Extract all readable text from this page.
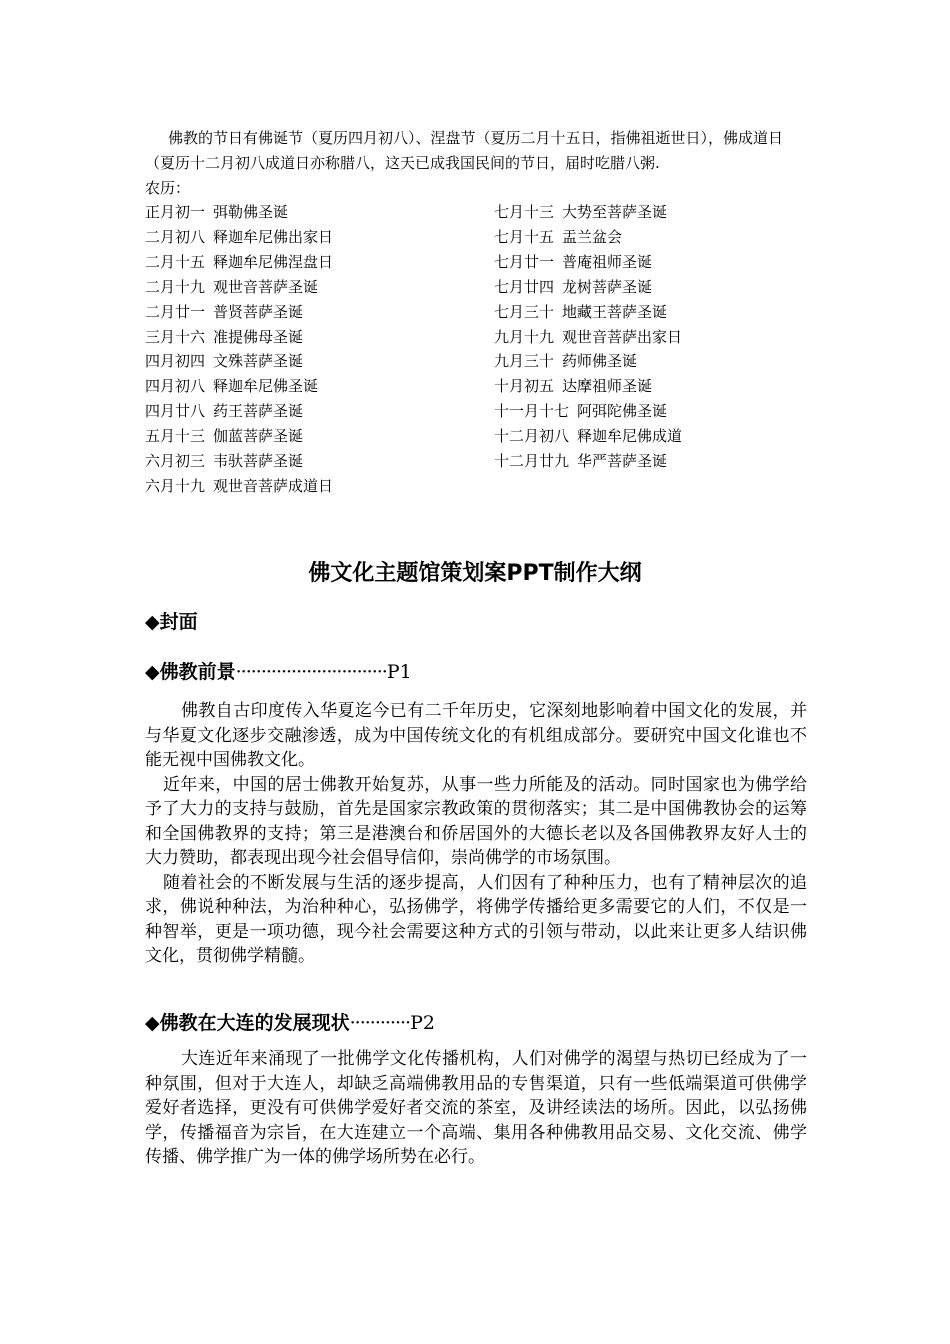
佛教的节日有佛诞节（夏历四月初八）、涅盘节（夏历二月十五日，指佛祖逝世日），佛成道日（夏历十二月初八成道日亦称腊八，这天已成我国民间的节日，届时吃腊八粥.

农历：

正月初一 弭勒佛圣诞
二月初八 释迦牟尼佛出家日
二月十五 释迦牟尼佛涅盘日
二月十九 观世音菩萨圣诞
二月廿一 普贤菩萨圣诞
三月十六 准提佛母圣诞
四月初四 文殊菩萨圣诞
四月初八 释迦牟尼佛圣诞
四月廿八 药王菩萨圣诞
五月十三 伽蓝菩萨圣诞
六月初三 韦驮菩萨圣诞
六月十九 观世音菩萨成道日
七月十三 大势至菩萨圣诞
七月十五 盂兰盆会
七月廿一 普庵祖师圣诞
七月廿四 龙树菩萨圣诞
七月三十 地藏王菩萨圣诞
九月十九 观世音菩萨出家日
九月三十 药师佛圣诞
十月初五 达摩祖师圣诞
十一月十七 阿弭陀佛圣诞
十二月初八 释迦牟尼佛成道
十二月廿九 华严菩萨圣诞
佛文化主题馆策划案PPT制作大纲
◆封面
◆佛教前景······························P1

佛教自古印度传入华夏迄今已有二千年历史，它深刻地影响着中国文化的发展，并与华夏文化逐步交融渗透，成为中国传统文化的有机组成部分。要研究中国文化谁也不能无视中国佛教文化。

近年来，中国的居士佛教开始复苏，从事一些力所能及的活动。同时国家也为佛学给予了大力的支持与鼓励，首先是国家宗教政策的贯彻落实；其二是中国佛教协会的运筹和全国佛教界的支持；第三是港澳台和侨居国外的大德长老以及各国佛教界友好人士的大力赞助，都表现出现今社会倡导信仰，崇尚佛学的市场氛围。

随着社会的不断发展与生活的逐步提高，人们因有了种种压力，也有了精神层次的追求，佛说种种法，为治种种心，弘扬佛学，将佛学传播给更多需要它的人们，不仅是一种智举，更是一项功德，现今社会需要这种方式的引领与带动，以此来让更多人结识佛文化，贯彻佛学精髓。

◆佛教在大连的发展现状············P2

大连近年来涌现了一批佛学文化传播机构，人们对佛学的渴望与热切已经成为了一种氛围，但对于大连人，却缺乏高端佛教用品的专售渠道，只有一些低端渠道可供佛学爱好者选择，更没有可供佛学爱好者交流的茶室，及讲经读法的场所。因此，以弘扬佛学，传播福音为宗旨，在大连建立一个高端、集用各种佛教用品交易、文化交流、佛学传播、佛学推广为一体的佛学场所势在必行。
